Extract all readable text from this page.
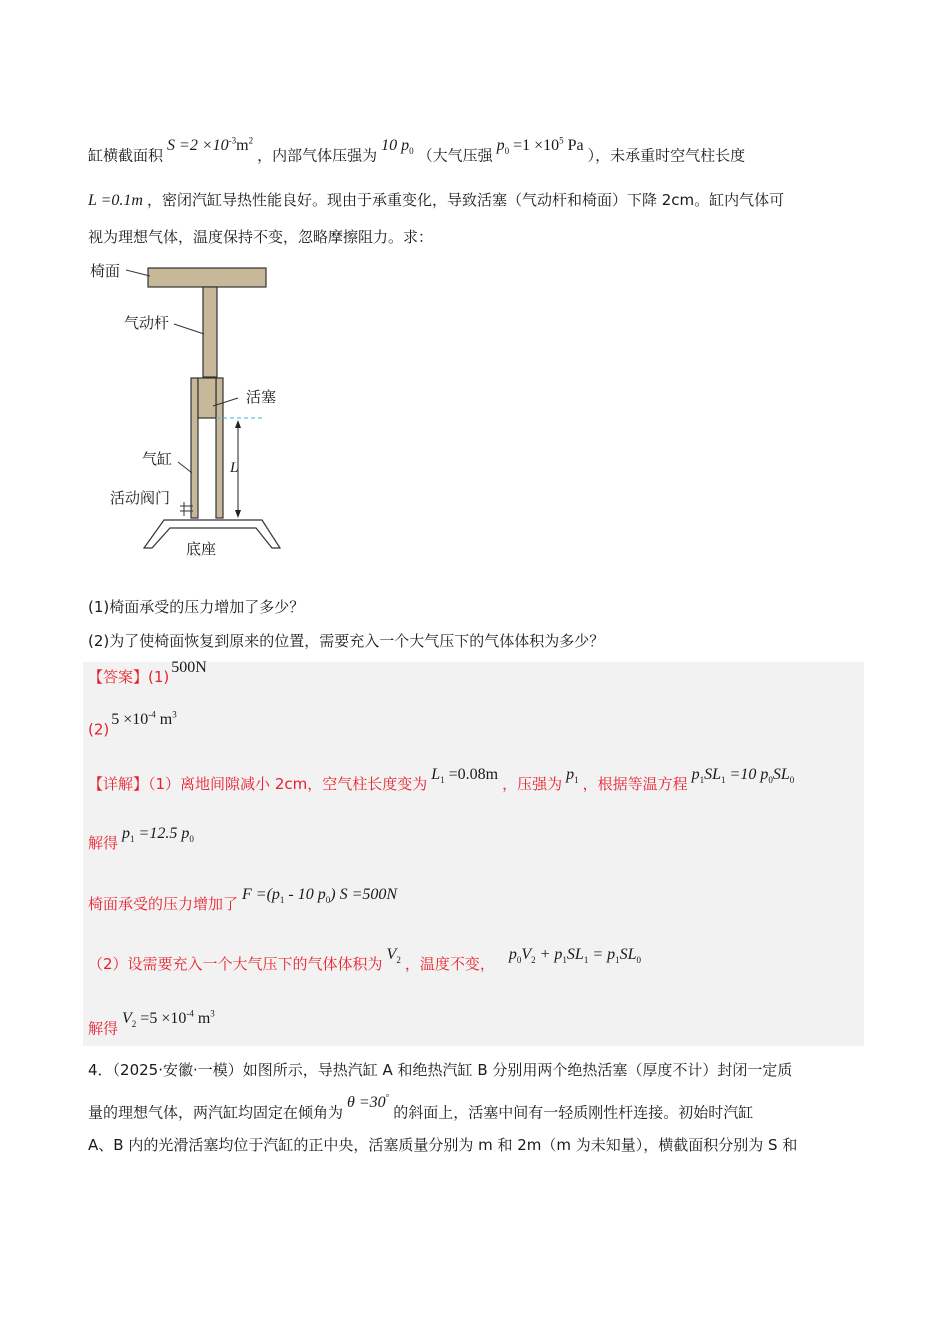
缸横截面积$S =2 \times 10^{-3}m^2$，内部气体压强为10 $p_0$ （大气压强$p_0 =1 \times 10^5$ Pa），未承重时空气柱长度
L =0.1m ，密闭汽缸导热性能良好。现由于承重变化，导致活塞（气动杆和椅面）下降 2cm。缸内气体可
视为理想气体，温度保持不变，忽略摩擦阻力。求：
L
椅面
气动杆
活塞
气缸
活动阀门
底座
(1)椅面承受的压力增加了多少？
(2)为了使椅面恢复到原来的位置，需要充入一个大气压下的气体体积为多少？
【答案】(1)500N
$(2)5 \times 10^{-4}$ $m^3$
【详解】（1）离地间隙减小 2cm，空气柱长度变为$L_1 =0.08m$，压强为$p_1$ ，根据等温方程$p_1SL_1 =10$ $p_0SL_0$
解得$p_1 =12.5$ $p_0$
椅面承受的压力增加了$F =(p_1 - 10$ $p_0$) S =500N
（2）设需要充入一个大气压下的气体体积为$V_2$ ，温度不变，$p_0V_2 + p_1SL_1 = p_1SL_0$
解得$V_2 =5 \times 10^{-4}$ $m^3$
4．（2025·安徽·一模）如图所示，导热汽缸 A 和绝热汽缸 B 分别用两个绝热活塞（厚度不计）封闭一定质
量的理想气体，两汽缸均固定在倾角为θ =30°的斜面上，活塞中间有一轻质刚性杆连接。初始时汽缸
A、B 内的光滑活塞均位于汽缸的正中央，活塞质量分别为 m 和 2m（m 为未知量），横截面积分别为 S 和
